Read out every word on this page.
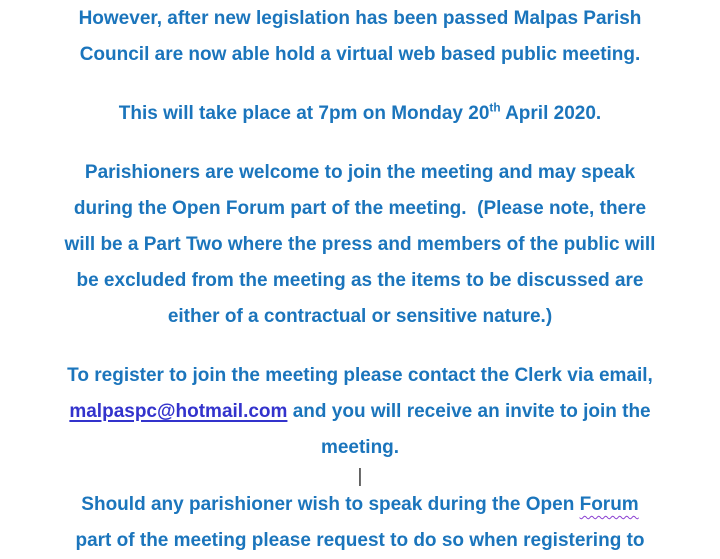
However, after new legislation has been passed Malpas Parish
Council are now able hold a virtual web based public meeting.

This will take place at 7pm on Monday 20th April 2020.

Parishioners are welcome to join the meeting and may speak
during the Open Forum part of the meeting.  (Please note, there
will be a Part Two where the press and members of the public will
be excluded from the meeting as the items to be discussed are
either of a contractual or sensitive nature.)

To register to join the meeting please contact the Clerk via email,
malpaspc@hotmail.com and you will receive an invite to join the
meeting.

|

Should any parishioner wish to speak during the Open Forum
part of the meeting please request to do so when registering to
